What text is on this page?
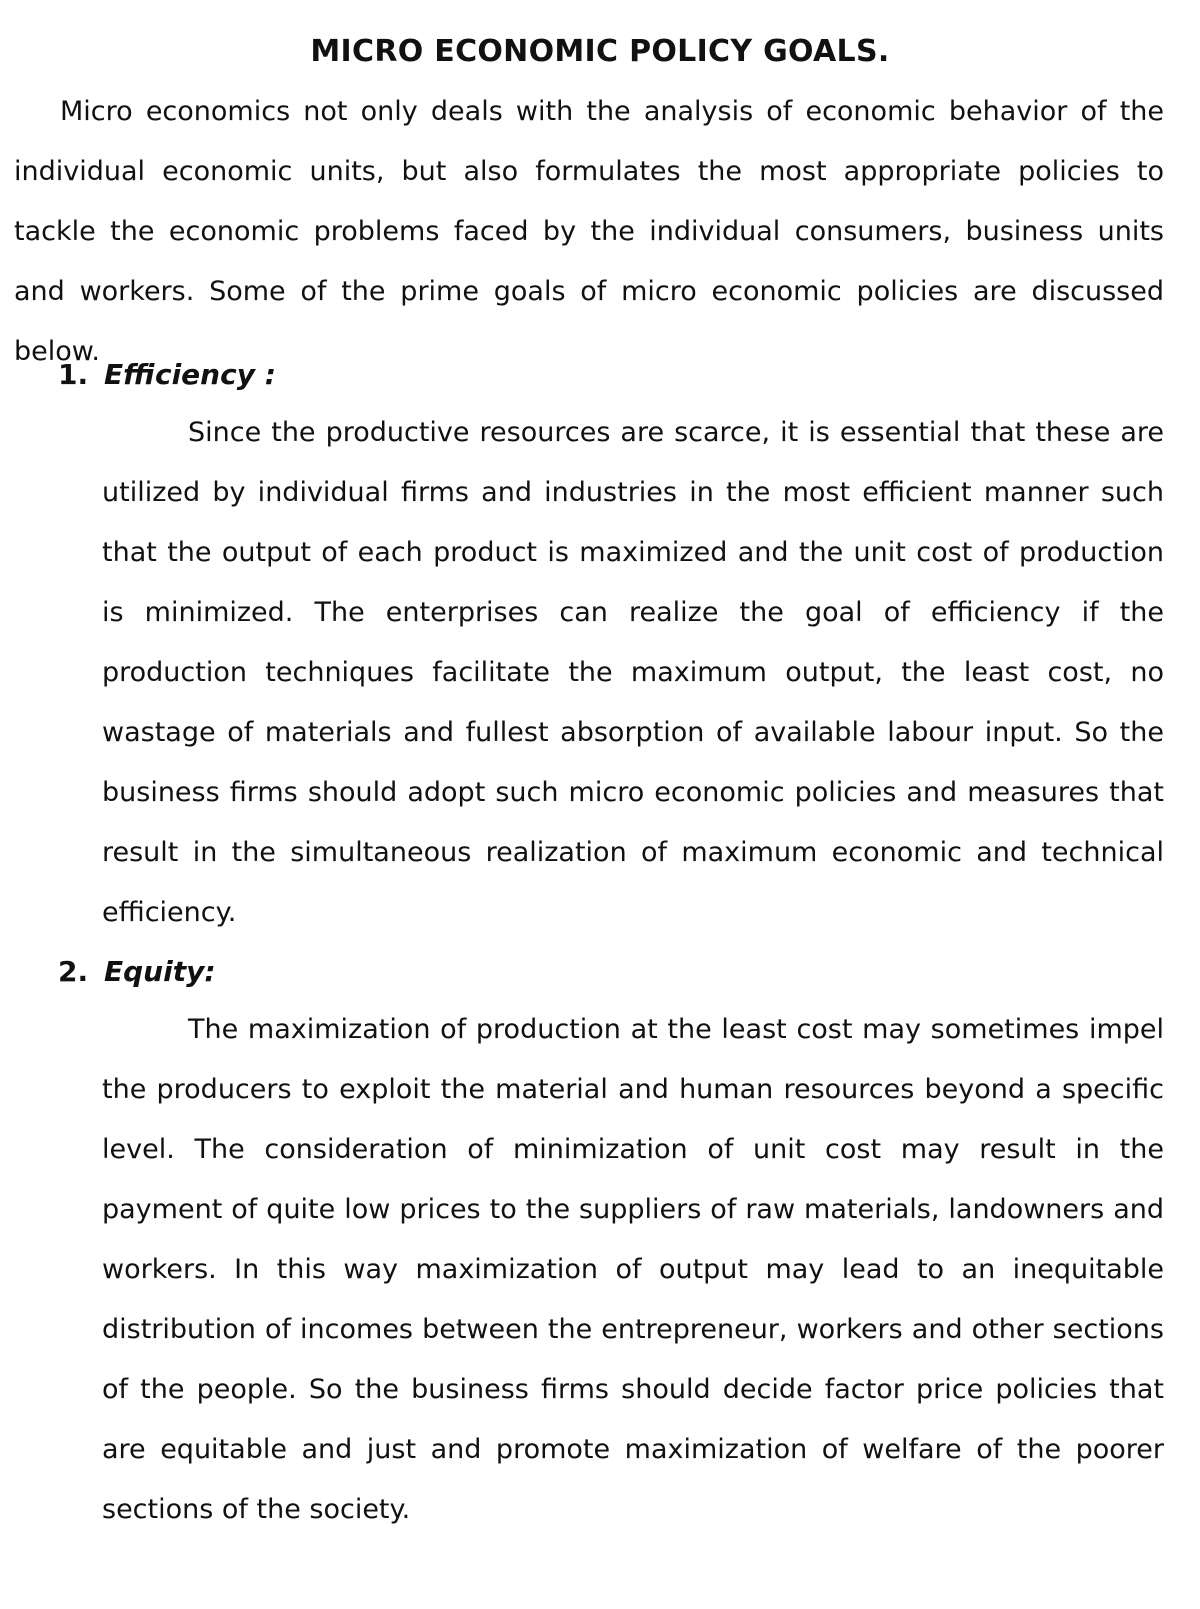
MICRO ECONOMIC POLICY GOALS.

Micro economics not only deals with the analysis of economic behavior of the individual economic units, but also formulates the most appropriate policies to tackle the economic problems faced by the individual consumers, business units and workers. Some of the prime goals of micro economic policies are discussed below.

1. Efficiency :

Since the productive resources are scarce, it is essential that these are utilized by individual firms and industries in the most efficient manner such that the output of each product is maximized and the unit cost of production is minimized. The enterprises can realize the goal of efficiency if the production techniques facilitate the maximum output, the least cost, no wastage of materials and fullest absorption of available labour input. So the business firms should adopt such micro economic policies and measures that result in the simultaneous realization of maximum economic and technical efficiency.

2. Equity:

The maximization of production at the least cost may sometimes impel the producers to exploit the material and human resources beyond a specific level. The consideration of minimization of unit cost may result in the payment of quite low prices to the suppliers of raw materials, landowners and workers. In this way maximization of output may lead to an inequitable distribution of incomes between the entrepreneur, workers and other sections of the people. So the business firms should decide factor price policies that are equitable and just and promote maximization of welfare of the poorer sections of the society.
